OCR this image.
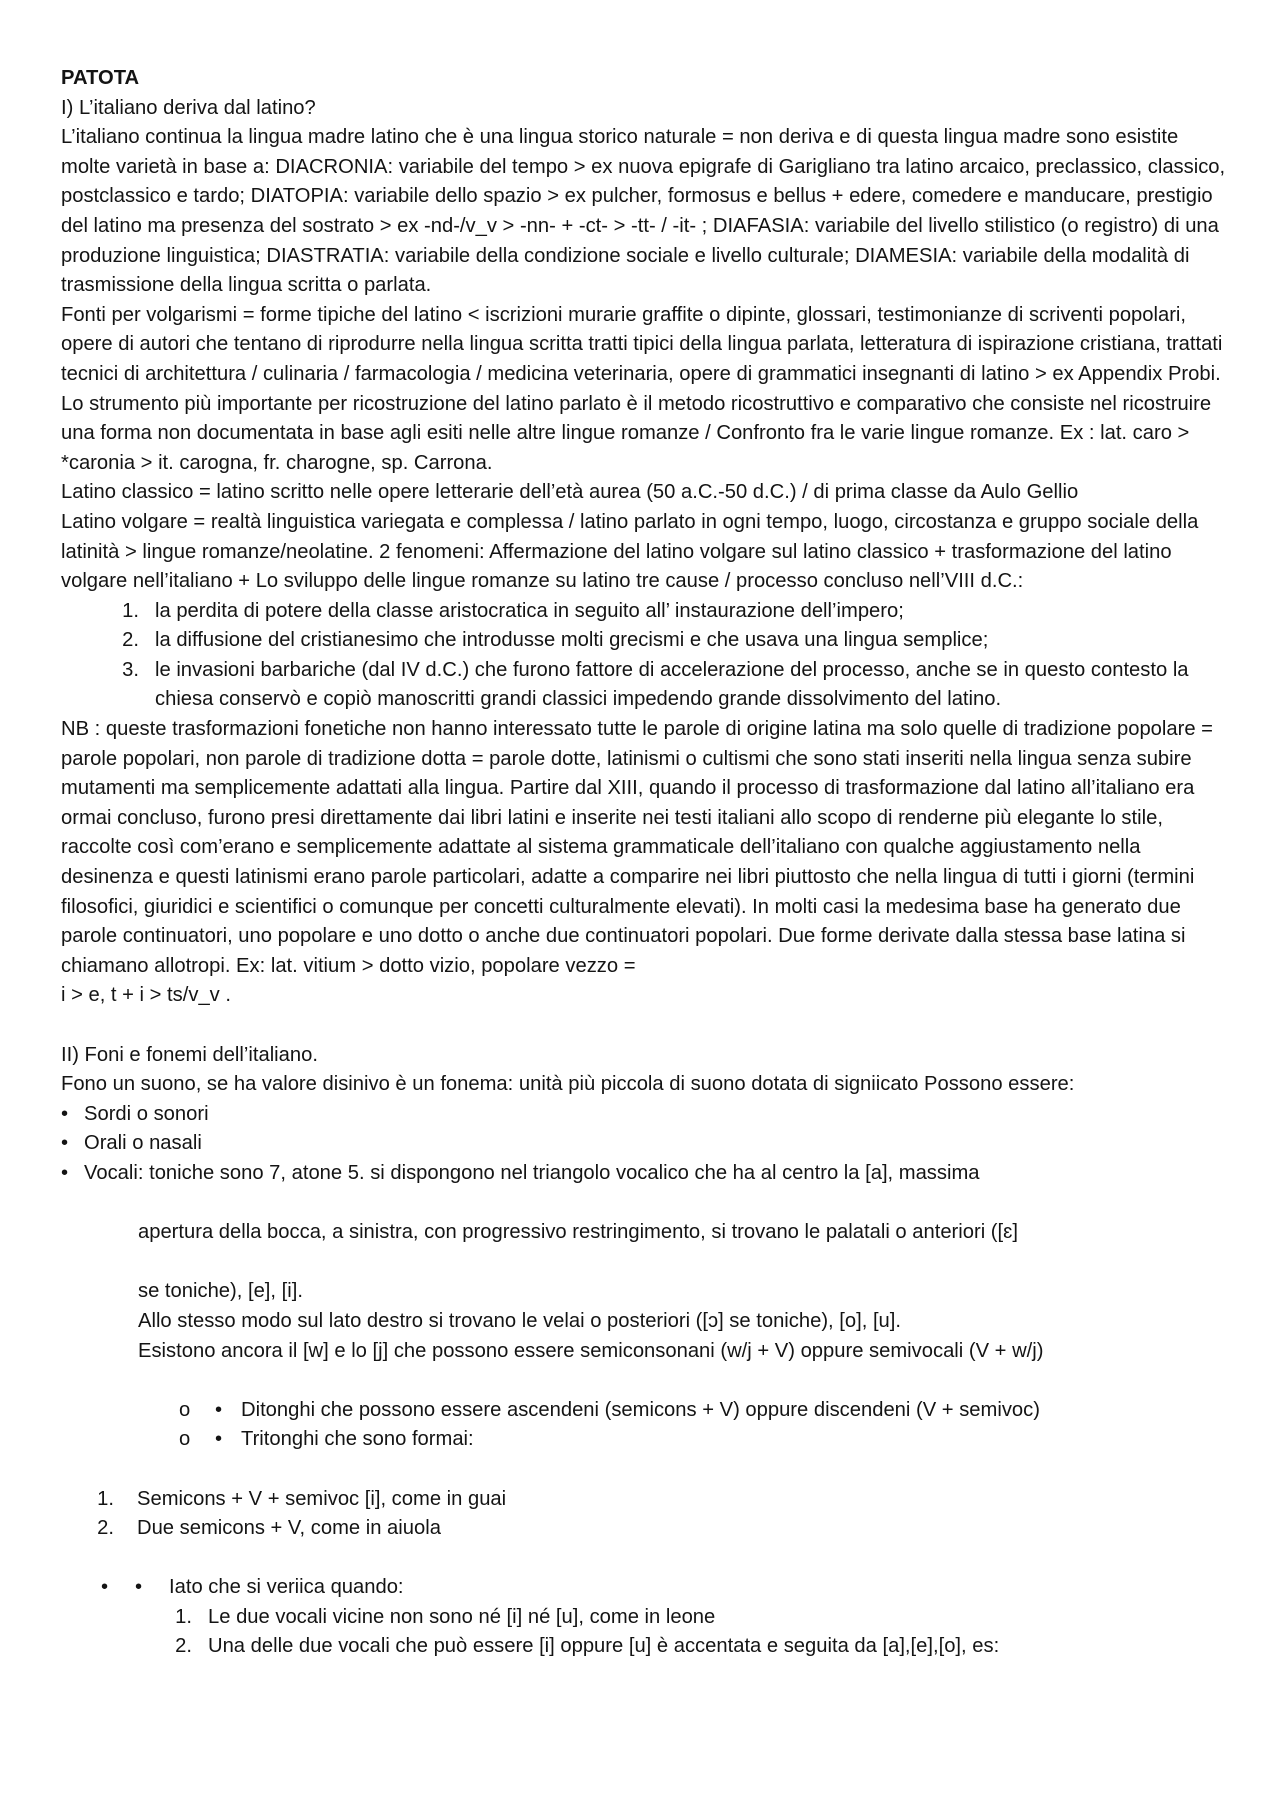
PATOTA

I) L’italiano deriva dal latino?

L’italiano continua la lingua madre latino che è una lingua storico naturale = non deriva e di questa lingua madre sono esistite molte varietà in base a: DIACRONIA: variabile del tempo > ex nuova epigrafe di Garigliano tra latino arcaico, preclassico, classico, postclassico e tardo; DIATOPIA: variabile dello spazio > ex pulcher, formosus e bellus + edere, comedere e manducare, prestigio del latino ma presenza del sostrato > ex -nd-/v_v > -nn- + -ct- > -tt- / -it- ; DIAFASIA: variabile del livello stilistico (o registro) di una produzione linguistica; DIASTRATIA: variabile della condizione sociale e livello culturale; DIAMESIA: variabile della modalità di trasmissione della lingua scritta o parlata.

Fonti per volgarismi = forme tipiche del latino < iscrizioni murarie graffite o dipinte, glossari, testimonianze di scriventi popolari, opere di autori che tentano di riprodurre nella lingua scritta tratti tipici della lingua parlata, letteratura di ispirazione cristiana, trattati tecnici di architettura / culinaria / farmacologia / medicina veterinaria, opere di grammatici insegnanti di latino > ex Appendix Probi. Lo strumento più importante per ricostruzione del latino parlato è il metodo ricostruttivo e comparativo che consiste nel ricostruire una forma non documentata in base agli esiti nelle altre lingue romanze / Confronto fra le varie lingue romanze. Ex : lat. caro > *caronia > it. carogna, fr. charogne, sp. Carrona.

Latino classico = latino scritto nelle opere letterarie dell’età aurea (50 a.C.-50 d.C.) / di prima classe da Aulo Gellio

Latino volgare = realtà linguistica variegata e complessa / latino parlato in ogni tempo, luogo, circostanza e gruppo sociale della latinità > lingue romanze/neolatine. 2 fenomeni: Affermazione del latino volgare sul latino classico + trasformazione del latino volgare nell’italiano + Lo sviluppo delle lingue romanze su latino tre cause / processo concluso nell’VIII d.C.:

1. la perdita di potere della classe aristocratica in seguito all’ instaurazione dell’impero;
2. la diffusione del cristianesimo che introdusse molti grecismi e che usava una lingua semplice;
3. le invasioni barbariche (dal IV d.C.) che furono fattore di accelerazione del processo, anche se in questo contesto la chiesa conservò e copiò manoscritti grandi classici impedendo grande dissolvimento del latino.

NB : queste trasformazioni fonetiche non hanno interessato tutte le parole di origine latina ma solo quelle di tradizione popolare = parole popolari, non parole di tradizione dotta = parole dotte, latinismi o cultismi che sono stati inseriti nella lingua senza subire mutamenti ma semplicemente adattati alla lingua. Partire dal XIII, quando il processo di trasformazione dal latino all’italiano era ormai concluso, furono presi direttamente dai libri latini e inserite nei testi italiani allo scopo di renderne più elegante lo stile, raccolte così com’erano e semplicemente adattate al sistema grammaticale dell’italiano con qualche aggiustamento nella desinenza e questi latinismi erano parole particolari, adatte a comparire nei libri piuttosto che nella lingua di tutti i giorni (termini filosofici, giuridici e scientifici o comunque per concetti culturalmente elevati). In molti casi la medesima base ha generato due parole continuatori, uno popolare e uno dotto o anche due continuatori popolari. Due forme derivate dalla stessa base latina si chiamano allotropi. Ex: lat. vitium > dotto vizio, popolare vezzo =

i > e, t + i > ts/v_v .

II) Foni e fonemi dell’italiano.

Fono un suono, se ha valore disinivo è un fonema: unità più piccola di suono dotata di signiicato Possono essere:

• Sordi o sonori
• Orali o nasali
• Vocali: toniche sono 7, atone 5. si dispongono nel triangolo vocalico che ha al centro la [a], massima

apertura della bocca, a sinistra, con progressivo restringimento, si trovano le palatali o anteriori ([ɛ]

se toniche), [e], [i].

Allo stesso modo sul lato destro si trovano le velai o posteriori ([ɔ] se toniche), [o], [u].

Esistono ancora il [w] e lo [j] che possono essere semiconsonani (w/j + V) oppure semivocali (V + w/j)

o	• Ditonghi che possono essere ascendeni (semicons + V) oppure discendeni (V + semivoc)
o	• Tritonghi che sono formai:
1.	Semicons + V + semivoc [i], come in guai
2.	Due semicons + V, come in aiuola
•	•	Iato che si veriica quando:
1. Le due vocali vicine non sono né [i] né [u], come in leone
2. Una delle due vocali che può essere [i] oppure [u] è accentata e seguita da [a],[e],[o], es:
